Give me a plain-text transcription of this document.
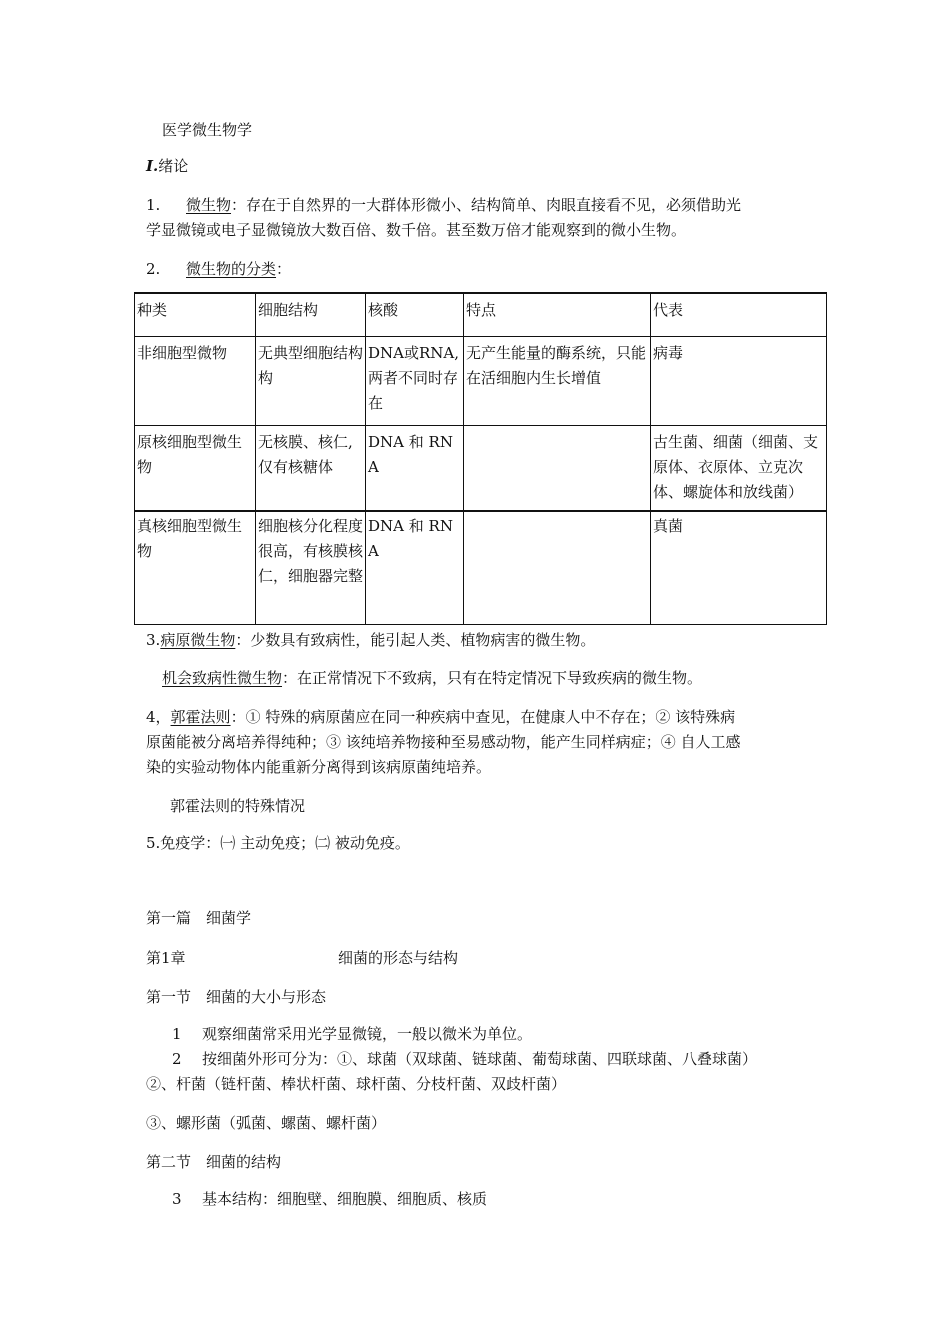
医学微生物学
I.绪论
1. 微生物：存在于自然界的一大群体形微小、结构简单、肉眼直接看不见，必须借助光
学显微镜或电子显微镜放大数百倍、数千倍。甚至数万倍才能观察到的微小生物。
2. 微生物的分类：
种类	细胞结构	核酸	特点	代表
非细胞型微物	无典型细胞结构构	DNA或RNA,两者不同时存在	无产生能量的酶系统，只能在活细胞内生长增值	病毒
原核细胞型微生物	无核膜、核仁,仅有核糖体	DNA 和 RNA		古生菌、细菌（细菌、支原体、衣原体、立克次体、螺旋体和放线菌）
真核细胞型微生物	细胞核分化程度很高，有核膜核仁，细胞器完整	DNA 和 RNA		真菌
3.病原微生物：少数具有致病性，能引起人类、植物病害的微生物。
机会致病性微生物：在正常情况下不致病，只有在特定情况下导致疾病的微生物。
4，郭霍法则：① 特殊的病原菌应在同一种疾病中查见，在健康人中不存在；② 该特殊病
原菌能被分离培养得纯种；③ 该纯培养物接种至易感动物，能产生同样病症；④ 自人工感
染的实验动物体内能重新分离得到该病原菌纯培养。
郭霍法则的特殊情况
5.免疫学：㈠ 主动免疫；㈡ 被动免疫。
第一篇　细菌学
第1章	细菌的形态与结构
第一节　细菌的大小与形态
1 观察细菌常采用光学显微镜，一般以微米为单位。
2 按细菌外形可分为：①、球菌（双球菌、链球菌、葡萄球菌、四联球菌、八叠球菌）
②、杆菌（链杆菌、棒状杆菌、球杆菌、分枝杆菌、双歧杆菌）
③、螺形菌（弧菌、螺菌、螺杆菌）
第二节　细菌的结构
3 基本结构：细胞壁、细胞膜、细胞质、核质
